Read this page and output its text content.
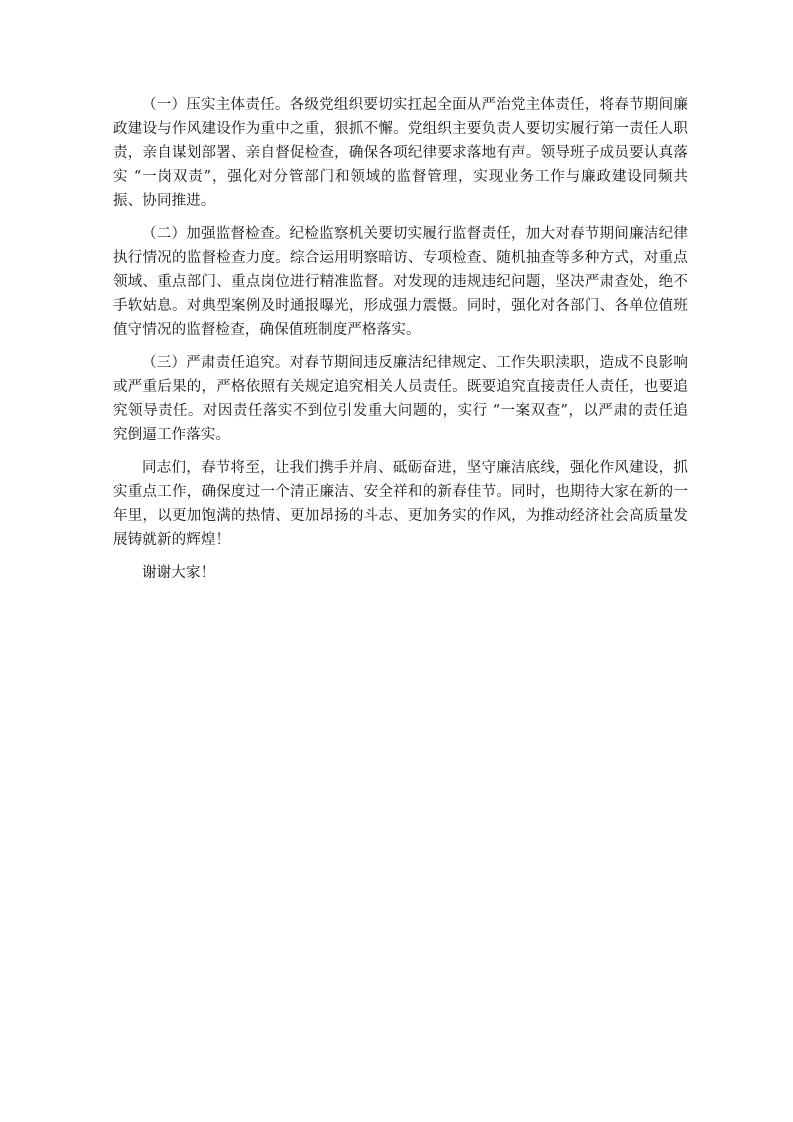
（一）压实主体责任。各级党组织要切实扛起全面从严治党主体责任，将春节期间廉政建设与作风建设作为重中之重，狠抓不懈。党组织主要负责人要切实履行第一责任人职责，亲自谋划部署、亲自督促检查，确保各项纪律要求落地有声。领导班子成员要认真落实 “一岗双责”，强化对分管部门和领域的监督管理，实现业务工作与廉政建设同频共振、协同推进。

（二）加强监督检查。纪检监察机关要切实履行监督责任，加大对春节期间廉洁纪律执行情况的监督检查力度。综合运用明察暗访、专项检查、随机抽查等多种方式，对重点领域、重点部门、重点岗位进行精准监督。对发现的违规违纪问题，坚决严肃查处，绝不手软姑息。对典型案例及时通报曝光，形成强力震慑。同时，强化对各部门、各单位值班值守情况的监督检查，确保值班制度严格落实。

（三）严肃责任追究。对春节期间违反廉洁纪律规定、工作失职渎职，造成不良影响或严重后果的，严格依照有关规定追究相关人员责任。既要追究直接责任人责任，也要追究领导责任。对因责任落实不到位引发重大问题的，实行 “一案双查”，以严肃的责任追究倒逼工作落实。

同志们，春节将至，让我们携手并肩、砥砺奋进，坚守廉洁底线，强化作风建设，抓实重点工作，确保度过一个清正廉洁、安全祥和的新春佳节。同时，也期待大家在新的一年里，以更加饱满的热情、更加昂扬的斗志、更加务实的作风，为推动经济社会高质量发展铸就新的辉煌！

谢谢大家！
